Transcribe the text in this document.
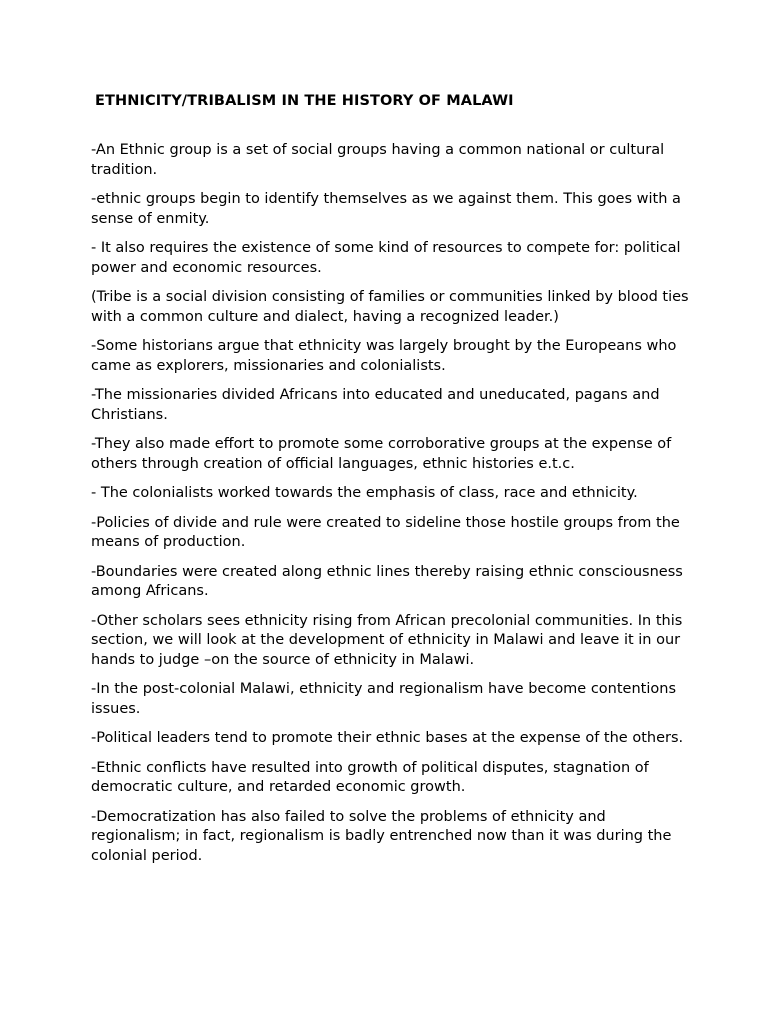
ETHNICITY/TRIBALISM IN THE HISTORY OF MALAWI

-An Ethnic group is a set of social groups having a common national or cultural tradition.

-ethnic groups begin to identify themselves as we against them. This goes with a sense of enmity.

- It also requires the existence of some kind of resources to compete for: political power and economic resources.

(Tribe is a social division consisting of families or communities linked by blood ties with a common culture and dialect, having a recognized leader.)

-Some historians argue that ethnicity was largely brought by the Europeans who came as explorers, missionaries and colonialists.

-The missionaries divided Africans into educated and uneducated, pagans and Christians.

-They also made effort to promote some corroborative groups at the expense of others through creation of official languages, ethnic histories e.t.c.

- The colonialists worked towards the emphasis of class, race and ethnicity.

-Policies of divide and rule were created to sideline those hostile groups from the means of production.

-Boundaries were created along ethnic lines thereby raising ethnic consciousness among Africans.

-Other scholars sees ethnicity rising from African precolonial communities. In this section, we will look at the development of ethnicity in Malawi and leave it in our hands to judge –on the source of ethnicity in Malawi.

-In the post-colonial Malawi, ethnicity and regionalism have become contentions issues.

-Political leaders tend to promote their ethnic bases at the expense of the others.

-Ethnic conflicts have resulted into growth of political disputes, stagnation of democratic culture, and retarded economic growth.

-Democratization has also failed to solve the problems of ethnicity and regionalism; in fact, regionalism is badly entrenched now than it was during the colonial period.
